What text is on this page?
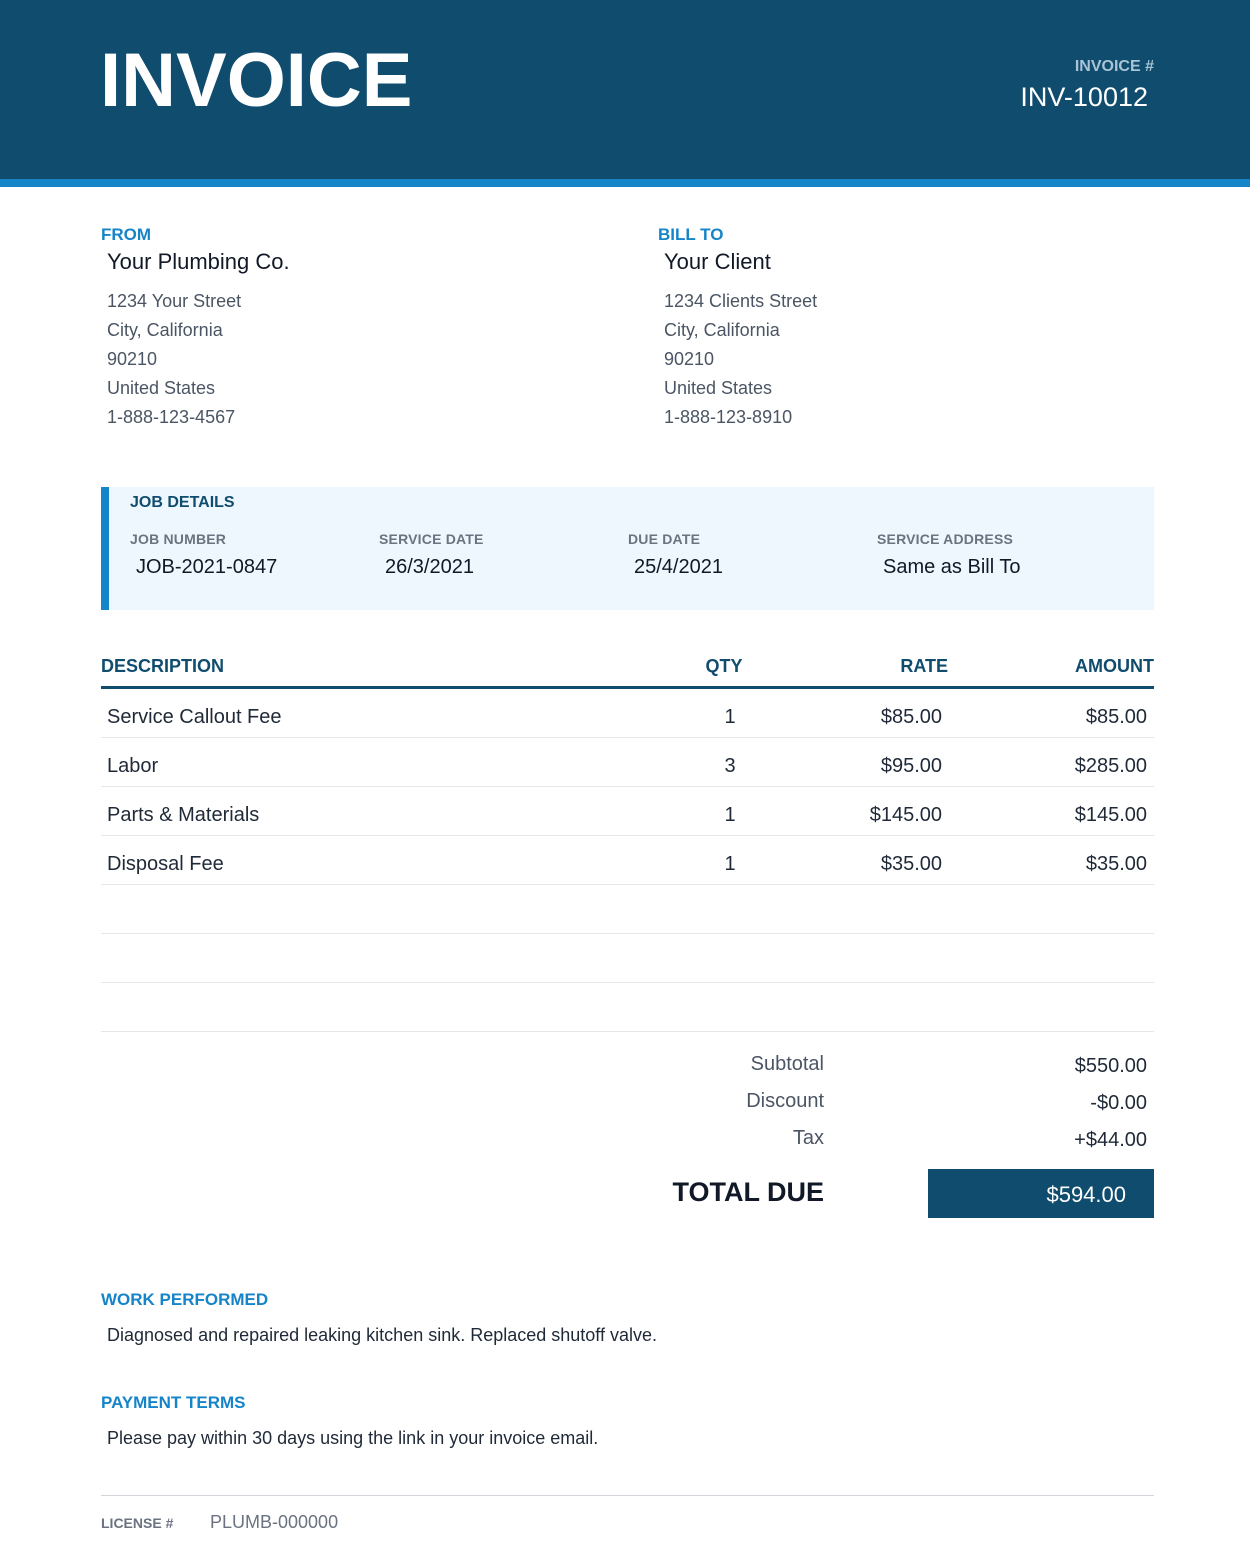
INVOICE	INVOICE #
INV-10012
FROM
Your Plumbing Co.
1234 Your Street
City, California
90210
United States
1-888-123-4567
BILL TO
Your Client
1234 Clients Street
City, California
90210
United States
1-888-123-8910
JOB DETAILS
JOB NUMBER
JOB-2021-0847
SERVICE DATE
26/3/2021
DUE DATE
25/4/2021
SERVICE ADDRESS
Same as Bill To
DESCRIPTION	QTY	RATE	AMOUNT
Service Callout Fee	1	$85.00	$85.00
Labor	3	$95.00	$285.00
Parts & Materials	1	$145.00	$145.00
Disposal Fee	1	$35.00	$35.00
Subtotal	$550.00
Discount	-$0.00
Tax	+$44.00
TOTAL DUE	$594.00
WORK PERFORMED
Diagnosed and repaired leaking kitchen sink. Replaced shutoff valve.
PAYMENT TERMS
Please pay within 30 days using the link in your invoice email.
LICENSE # PLUMB-000000
